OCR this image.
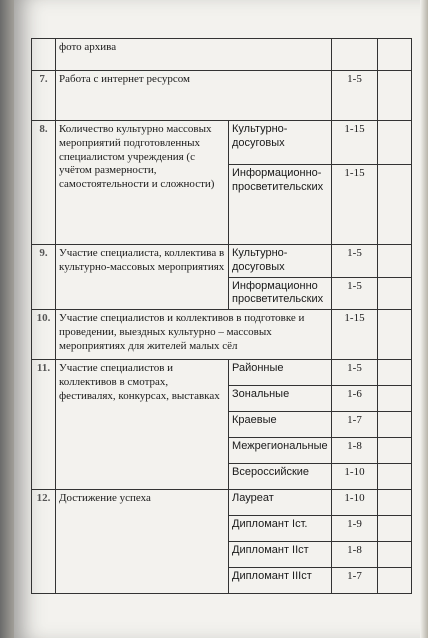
	фото архива			
7.	Работа с интернет ресурсом		1-5	
8.	Количество культурно массовых мероприятий подготовленных специалистом учреждения (с учётом размерности, самостоятельности и сложности)	Культурно-досуговых	1-15	
		Информационно-просветительских	1-15	
9.	Участие специалиста, коллектива в культурно-массовых мероприятиях	Культурно-досуговых	1-5	
		Информационно просветительских	1-5	
10.	Участие специалистов и коллективов в подготовке и проведении, выездных культурно – массовых мероприятиях для жителей малых сёл		1-15	
11.	Участие специалистов и коллективов в смотрах, фестивалях, конкурсах, выставках	Районные	1-5	
		Зональные	1-6	
		Краевые	1-7	
		Межрегиональные	1-8	
		Всероссийские	1-10	
12.	Достижение успеха	Лауреат	1-10	
		Дипломант Iст.	1-9	
		Дипломант IIст	1-8	
		Дипломант IIIст	1-7	
